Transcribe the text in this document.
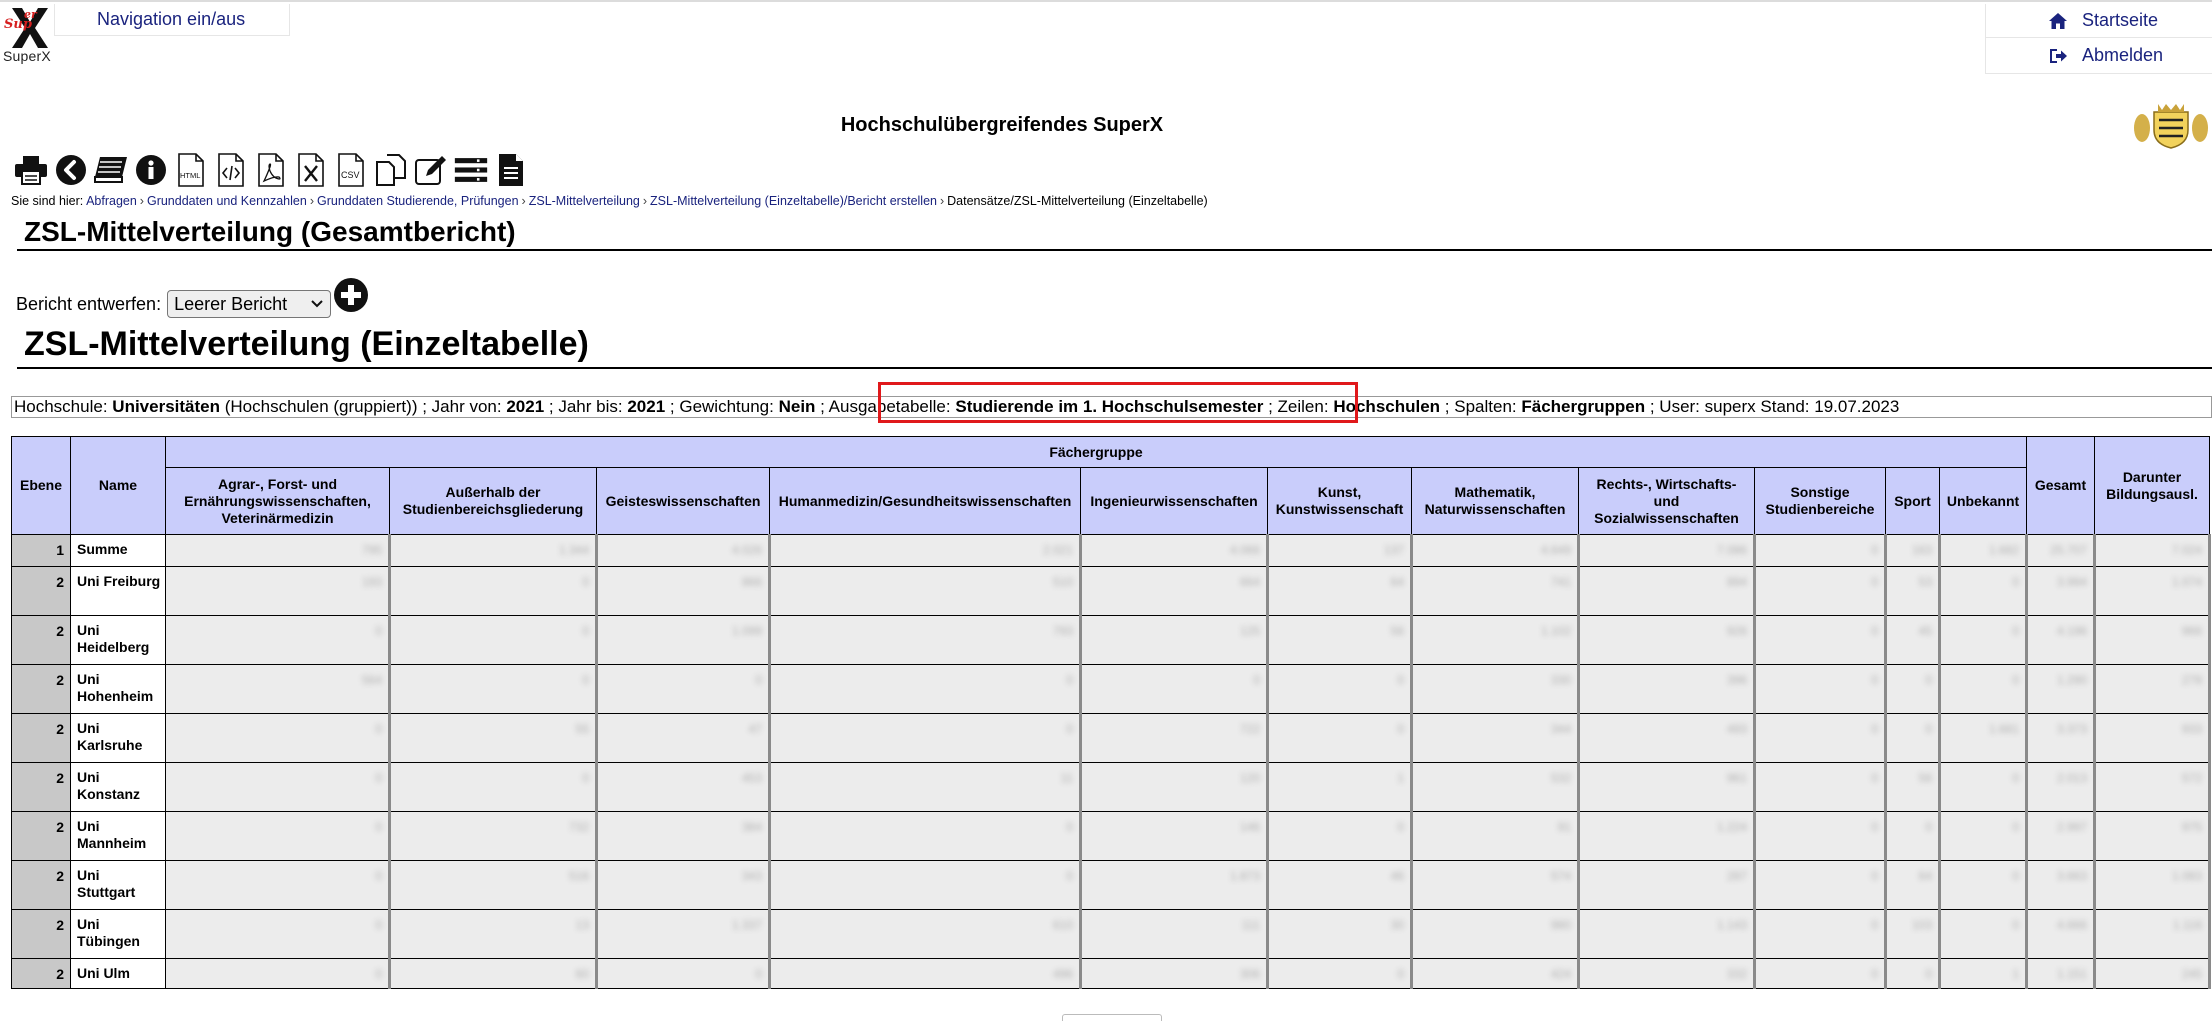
Sup
er
SuperX
Navigation ein/aus	Startseite
Abmelden
Hochschulübergreifendes SuperX
HTML	CSV
Sie sind hier: Abfragen › Grunddaten und Kennzahlen › Grunddaten Studierende, Prüfungen › ZSL-Mittelverteilung › ZSL-Mittelverteilung (Einzeltabelle)/Bericht erstellen › Datensätze/ZSL-Mittelverteilung (Einzeltabelle)
ZSL-Mittelverteilung (Gesamtbericht)
Bericht entwerfen: Leerer Bericht
ZSL-Mittelverteilung (Einzeltabelle)
Hochschule: Universitäten (Hochschulen (gruppiert)) ; Jahr von: 2021 ; Jahr bis: 2021 ; Gewichtung: Nein ; Ausgabetabelle: Studierende im 1. Hochschulsemester ; Zeilen: Hochschulen ; Spalten: Fächergruppen ; User: superx Stand: 19.07.2023
Ebene	Name	Fächergruppe											Gesamt	Darunter Bildungsausl.
		Agrar-, Forst- und Ernährungswissenschaften, Veterinärmedizin	Außerhalb der Studienbereichsgliederung	Geisteswissenschaften	Humanmedizin/Gesundheitswissenschaften	Ingenieurwissenschaften	Kunst, Kunstwissenschaft	Mathematik, Naturwissenschaften	Rechts-, Wirtschafts- und Sozialwissenschaften	Sonstige Studienbereiche	Sport	Unbekannt		
1	Summe	795	1.344	4.026	2.021	4.066	137	4.649	7.086	0	163	1.682	25.707	7.024
2	Uni Freiburg	193	0	866	510	664	64	741	894	0	53	0	3.994	1.074
2	Uni Heidelberg	0	0	1.099	793	125	56	1.102	926	0	45	0	4.196	966
2	Uni Hohenheim	564	0	0	0	0	0	330	396	0	0	0	1.290	278
2	Uni Karlsruhe	0	55	47	0	722	0	344	493	0	0	1.681	3.373	933
2	Uni Konstanz	0	0	453	11	120	1	532	961	0	56	0	2.013	572
2	Uni Mannheim	0	732	384	0	146	0	91	1.224	0	0	0	2.997	975
2	Uni Stuttgart	0	516	343	0	1.873	46	574	287	0	64	0	3.663	1.083
2	Uni Tübingen	0	13	1.337	610	111	30	980	1.143	0	103	0	4.666	1.116
2	Uni Ulm	0	60	0	496	306	0	424	332	0	0	1	1.151	245
